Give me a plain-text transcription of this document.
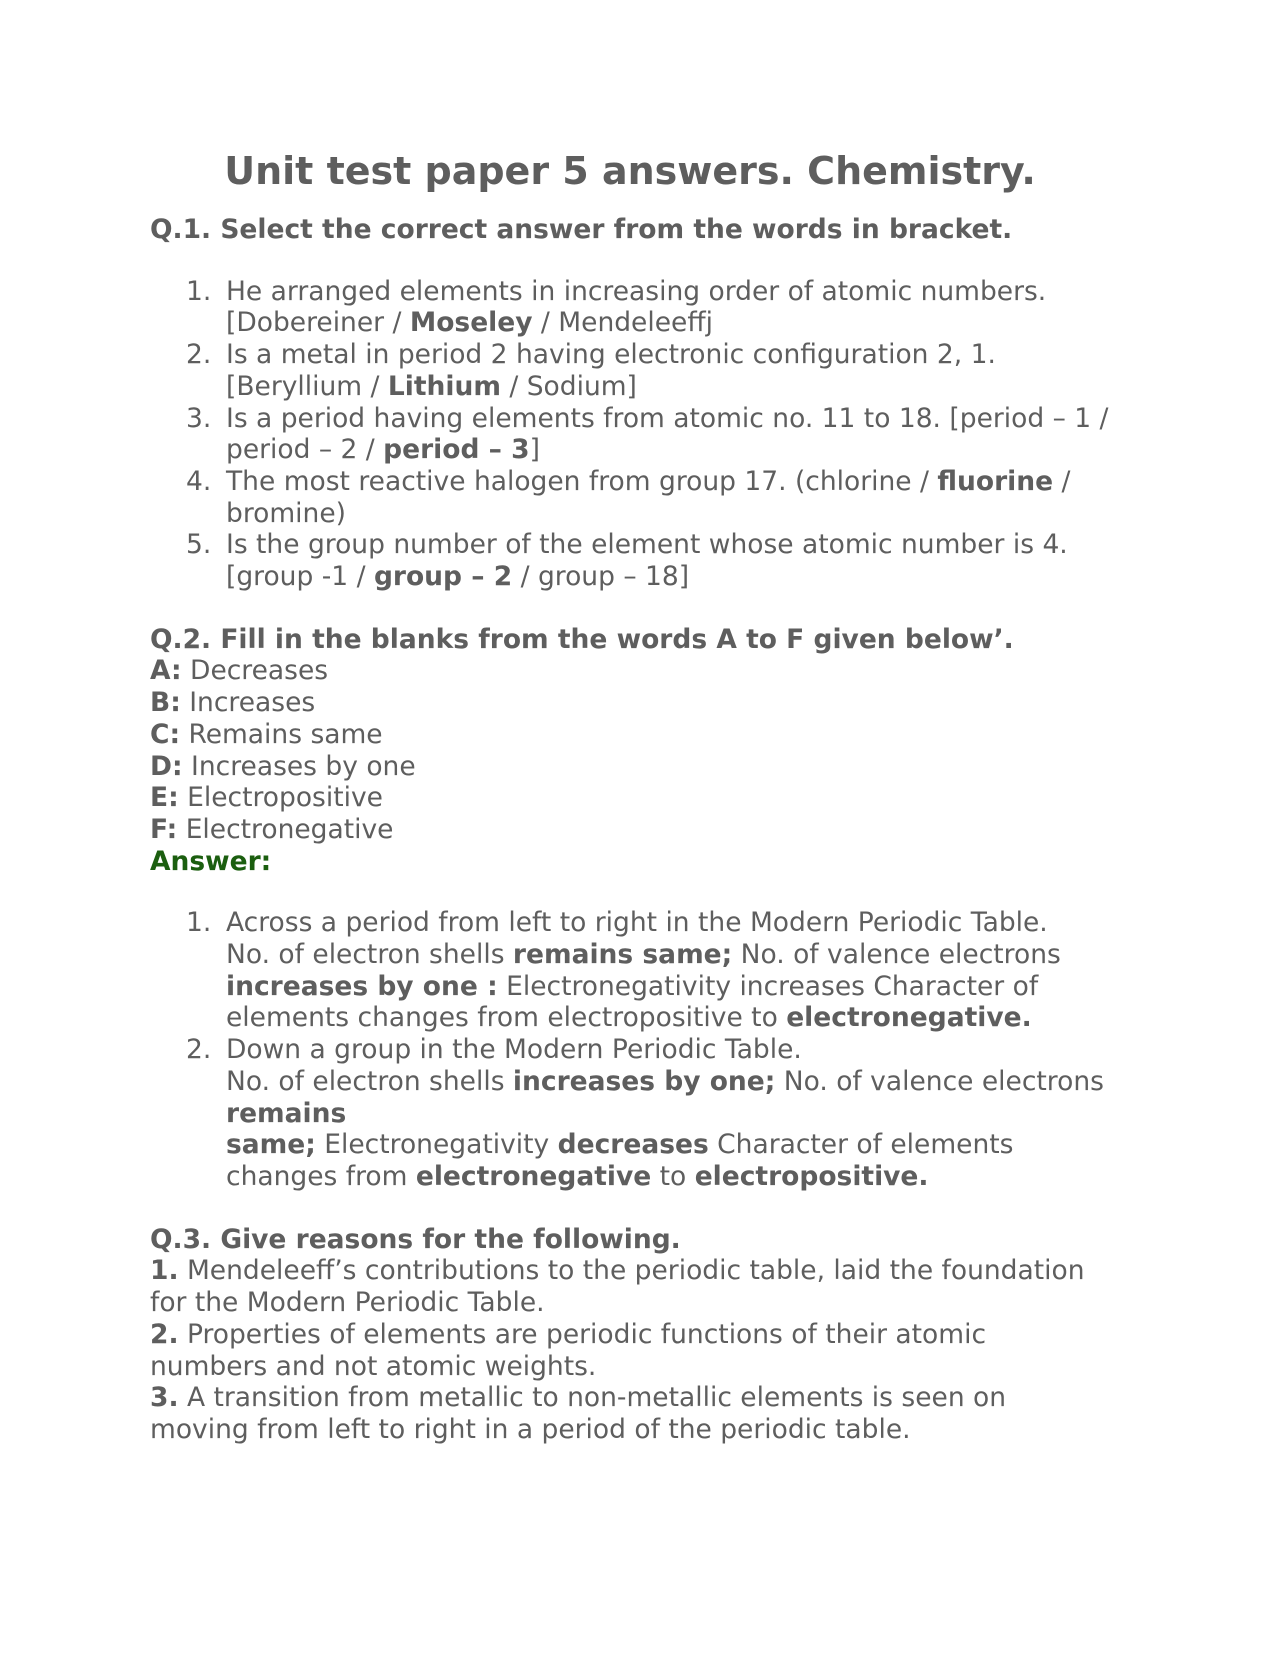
Unit test paper 5 answers. Chemistry.

Q.1. Select the correct answer from the words in bracket.

1. He arranged elements in increasing order of atomic numbers. [Dobereiner / Moseley / Mendeleeffj
2. Is a metal in period 2 having electronic configuration 2, 1. [Beryllium / Lithium / Sodium]
3. Is a period having elements from atomic no. 11 to 18. [period – 1 / period – 2 / period – 3]
4. The most reactive halogen from group 17. (chlorine / fluorine / bromine)
5. Is the group number of the element whose atomic number is 4. [group -1 / group – 2 / group – 18]

Q.2. Fill in the blanks from the words A to F given below’.

A: Decreases

B: Increases

C: Remains same

D: Increases by one

E: Electropositive

F: Electronegative

Answer:

1. Across a period from left to right in the Modern Periodic Table.
No. of electron shells remains same; No. of valence electrons increases by one : Electronegativity increases Character of elements changes from electropositive to electronegative.
2. Down a group in the Modern Periodic Table.
No. of electron shells increases by one; No. of valence electrons remains
same; Electronegativity decreases Character of elements changes from electronegative to electropositive.

Q.3. Give reasons for the following.

1. Mendeleeff’s contributions to the periodic table, laid the foundation for the Modern Periodic Table.

2. Properties of elements are periodic functions of their atomic numbers and not atomic weights.

3. A transition from metallic to non-metallic elements is seen on moving from left to right in a period of the periodic table.
